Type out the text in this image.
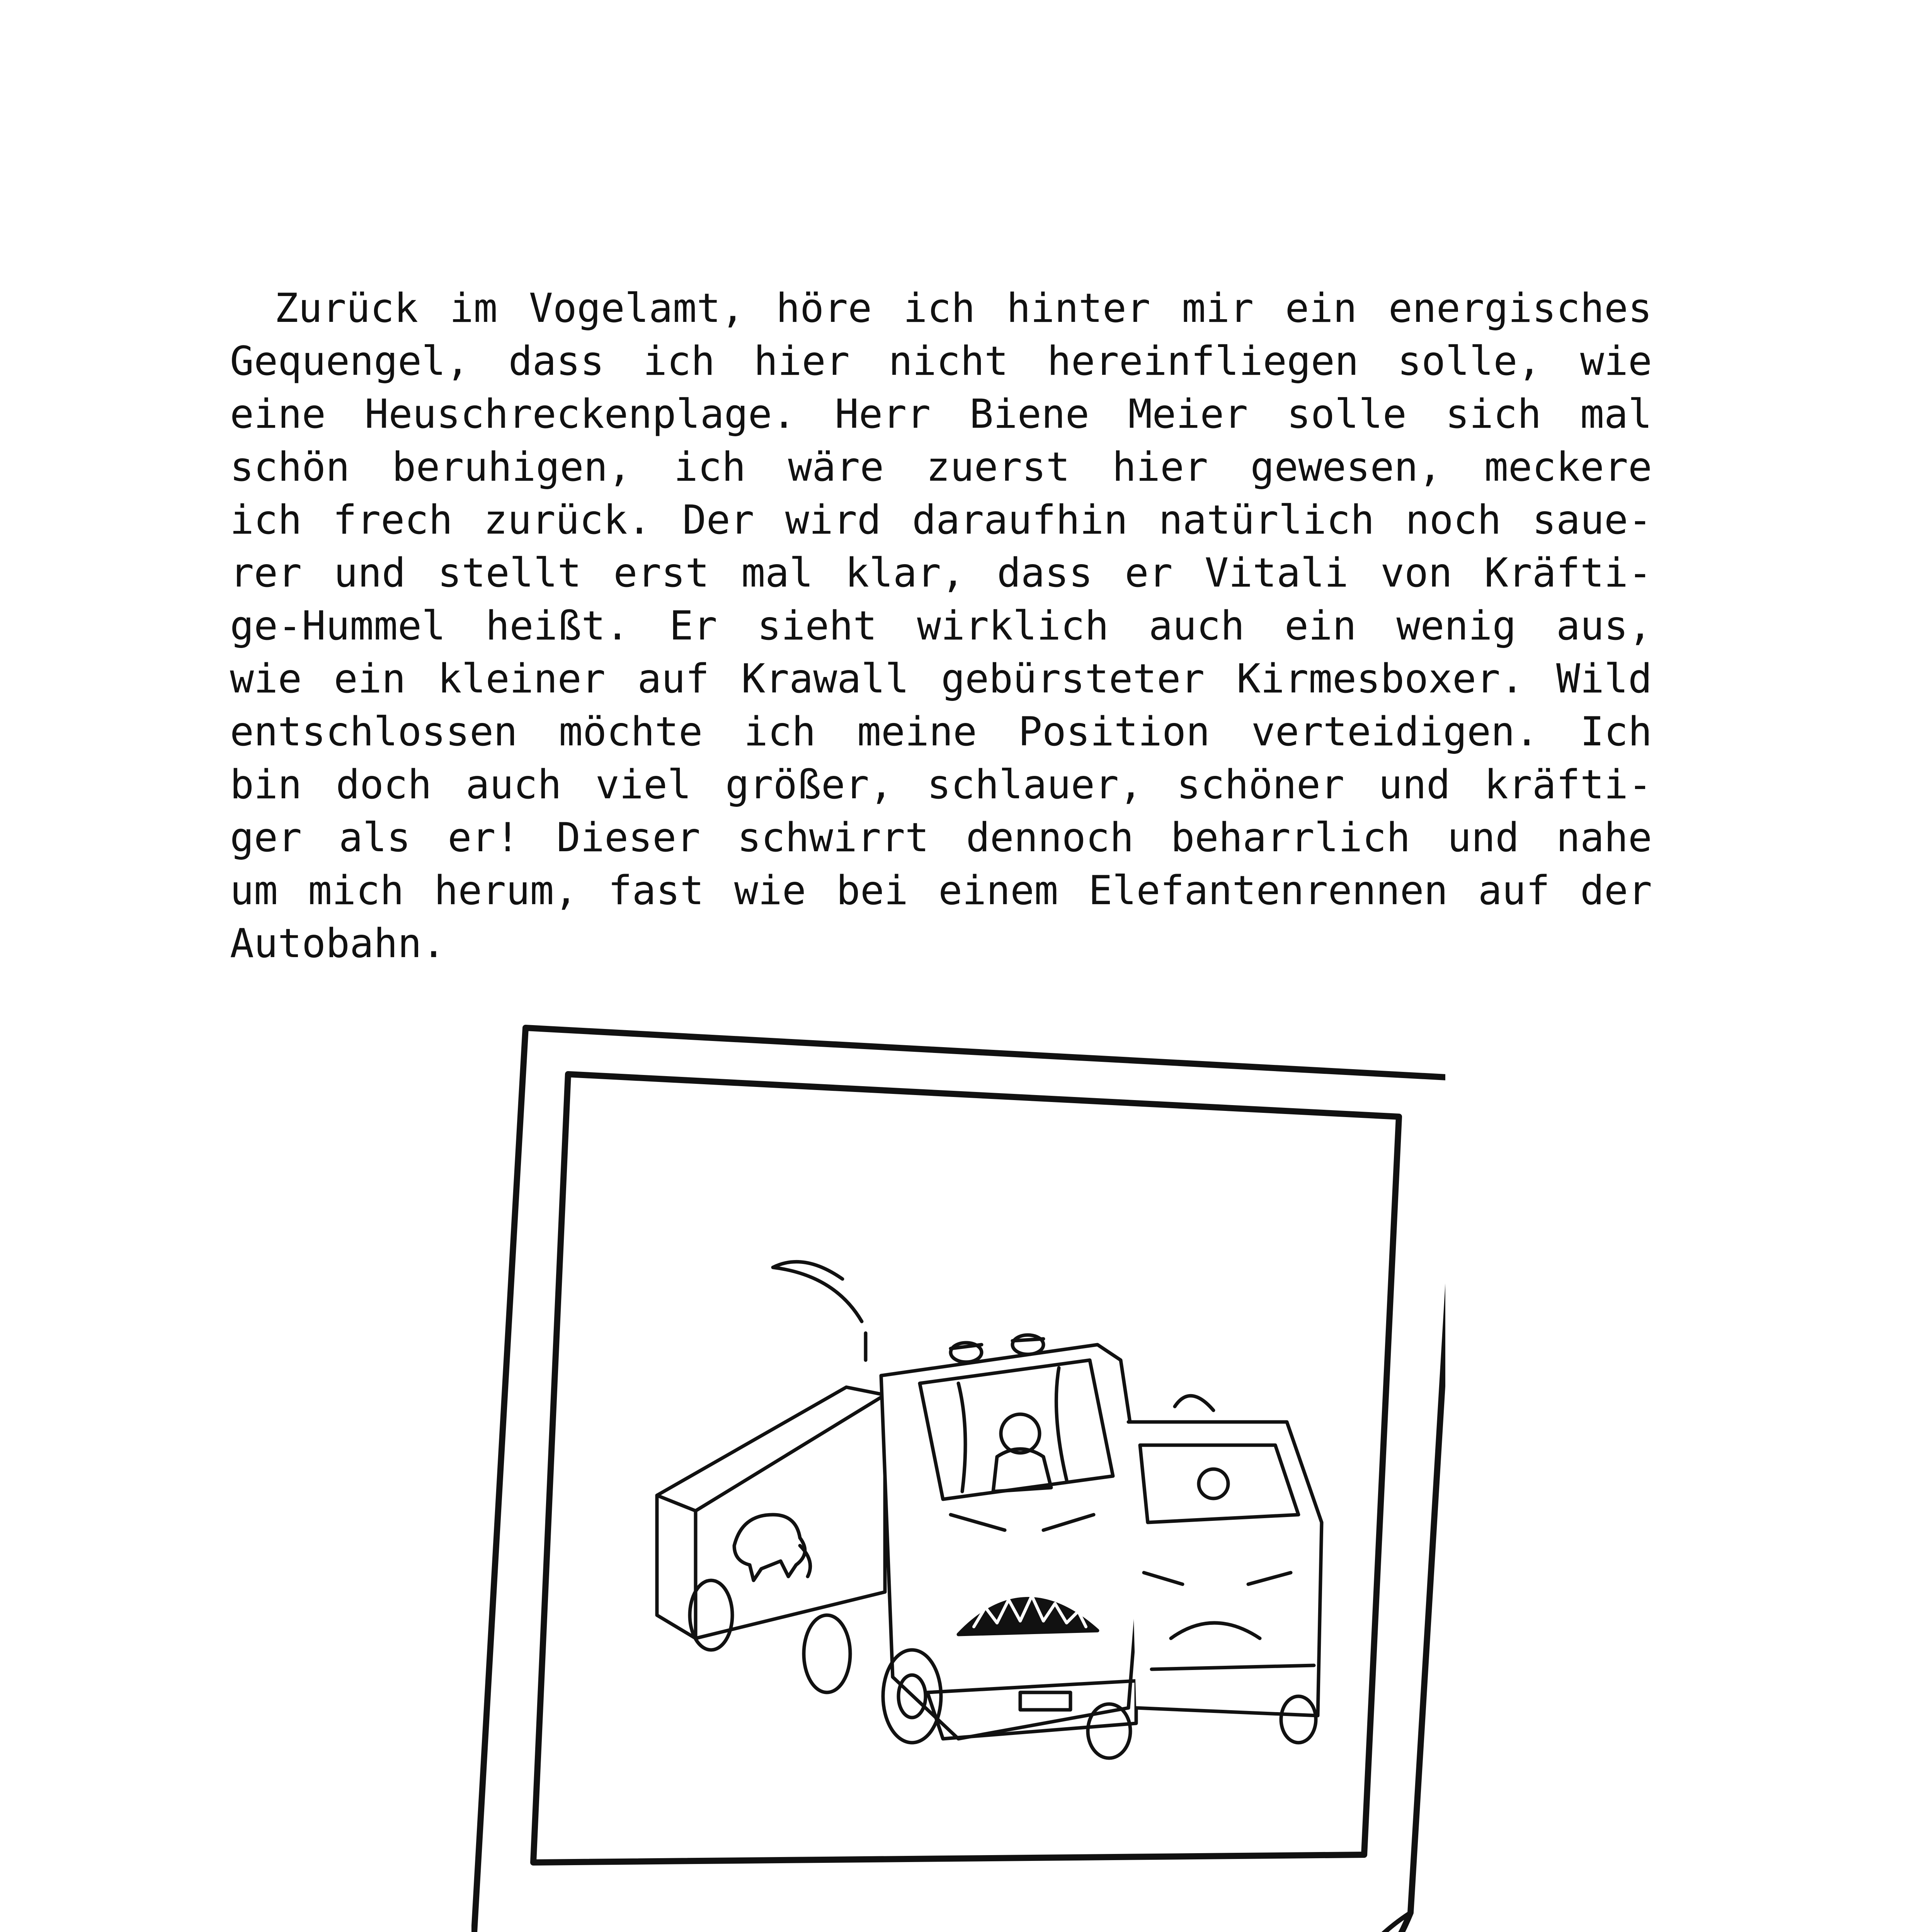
Zurück im Vogelamt, höre ich hinter mir ein energisches
Gequengel, dass ich hier nicht hereinfliegen solle, wie
eine Heuschreckenplage. Herr Biene Meier solle sich mal
schön beruhigen, ich wäre zuerst hier gewesen, meckere
ich frech zurück. Der wird daraufhin natürlich noch saue-
rer und stellt erst mal klar, dass er Vitali von Kräfti-
ge-Hummel heißt. Er sieht wirklich auch ein wenig aus,
wie ein kleiner auf Krawall gebürsteter Kirmesboxer. Wild
entschlossen möchte ich meine Position verteidigen. Ich
bin doch auch viel größer, schlauer, schöner und kräfti-
ger als er! Dieser schwirrt dennoch beharrlich und nahe
um mich herum, fast wie bei einem Elefantenrennen auf der
Autobahn.
